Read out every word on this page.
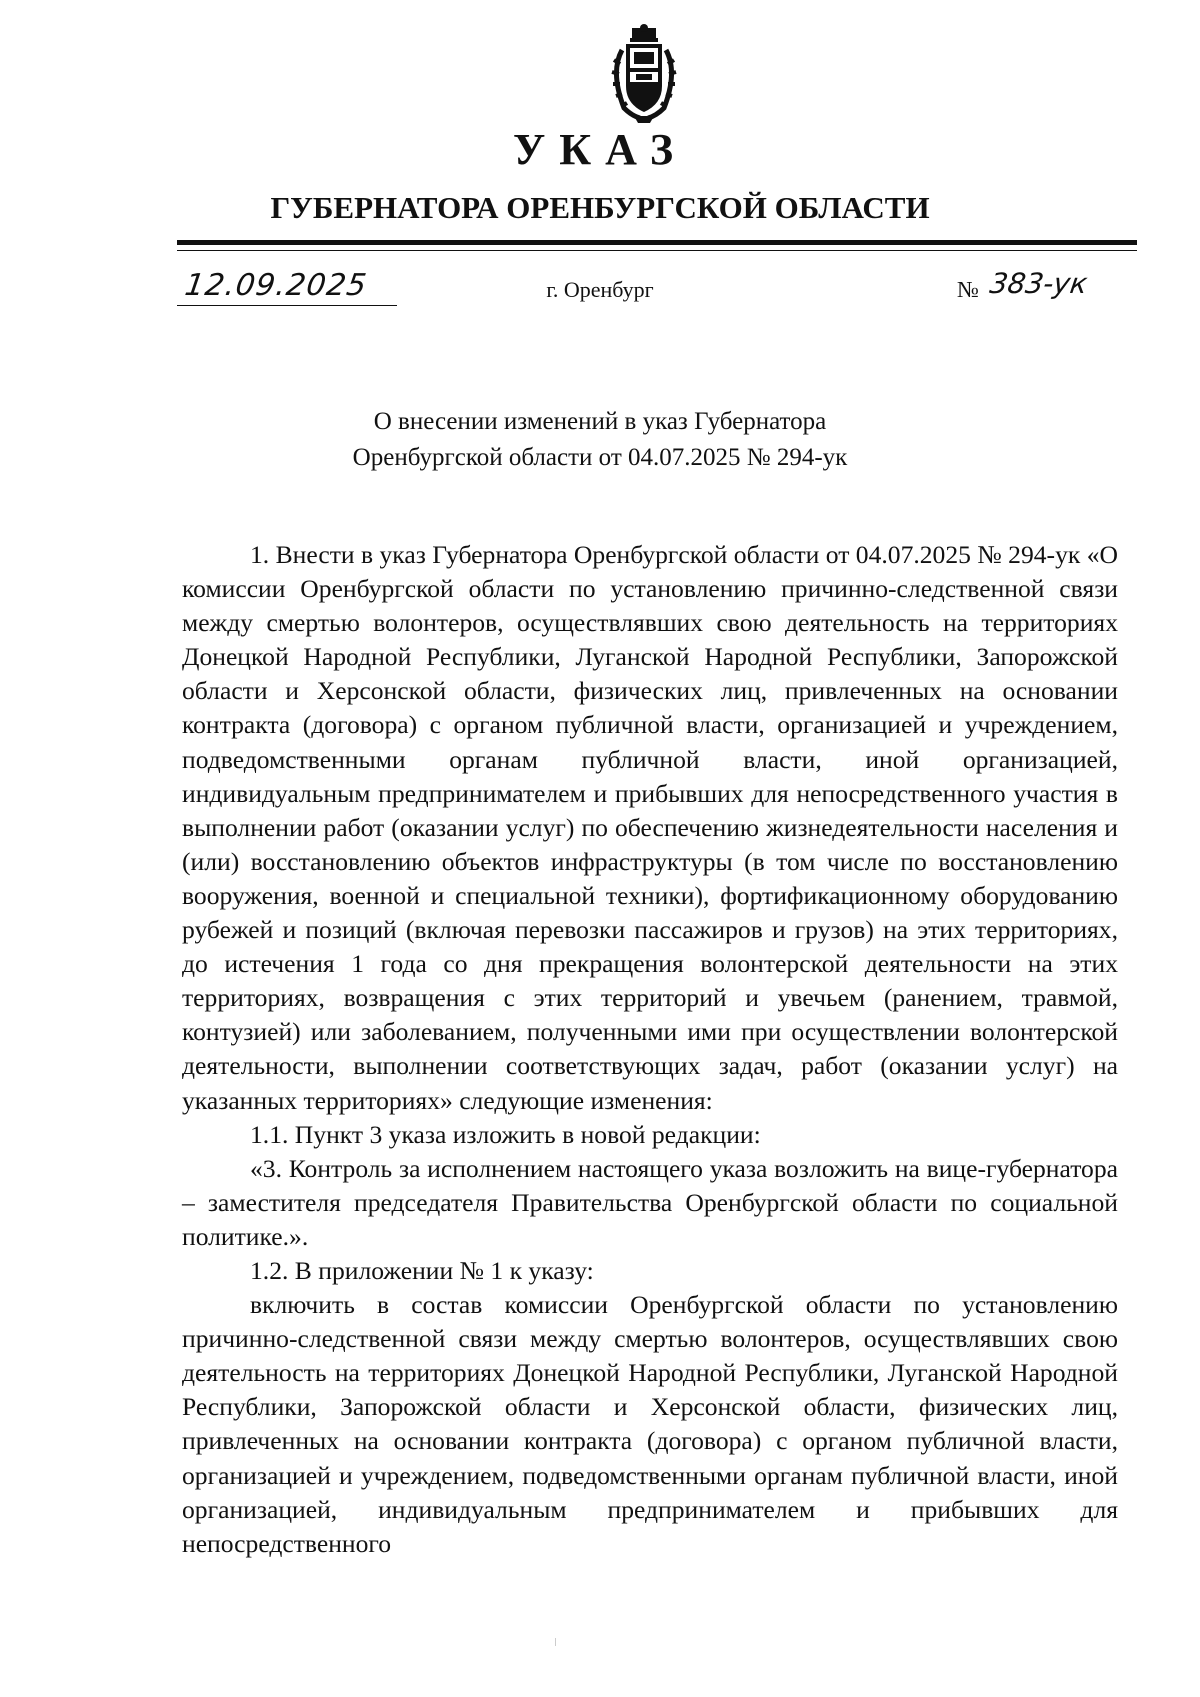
УКАЗ
ГУБЕРНАТОРА ОРЕНБУРГСКОЙ ОБЛАСТИ
12.09.2025	г. Оренбург	№ 383-ук
О внесении изменений в указ Губернатора
Оренбургской области от 04.07.2025 № 294-ук

1. Внести в указ Губернатора Оренбургской области от 04.07.2025 № 294-ук «О комиссии Оренбургской области по установлению причинно-следственной связи между смертью волонтеров, осуществлявших свою деятельность на территориях Донецкой Народной Республики, Луганской Народной Республики, Запорожской области и Херсонской области, физических лиц, привлеченных на основании контракта (договора) с органом публичной власти, организацией и учреждением, подведомственными органам публичной власти, иной организацией, индивидуальным предпринимателем и прибывших для непосредственного участия в выполнении работ (оказании услуг) по обеспечению жизнедеятельности населения и (или) восстановлению объектов инфраструктуры (в том числе по восстановлению вооружения, военной и специальной техники), фортификационному оборудованию рубежей и позиций (включая перевозки пассажиров и грузов) на этих территориях, до истечения 1 года со дня прекращения волонтерской деятельности на этих территориях, возвращения с этих территорий и увечьем (ранением, травмой, контузией) или заболеванием, полученными ими при осуществлении волонтерской деятельности, выполнении соответствующих задач, работ (оказании услуг) на указанных территориях» следующие изменения:

1.1. Пункт 3 указа изложить в новой редакции:

«3. Контроль за исполнением настоящего указа возложить на вице-губернатора – заместителя председателя Правительства Оренбургской области по социальной политике.».

1.2. В приложении № 1 к указу:

включить в состав комиссии Оренбургской области по установлению причинно-следственной связи между смертью волонтеров, осуществлявших свою деятельность на территориях Донецкой Народной Республики, Луганской Народной Республики, Запорожской области и Херсонской области, физических лиц, привлеченных на основании контракта (договора) с органом публичной власти, организацией и учреждением, подведомственными органам публичной власти, иной организацией, индивидуальным предпринимателем и прибывших для непосредственного
